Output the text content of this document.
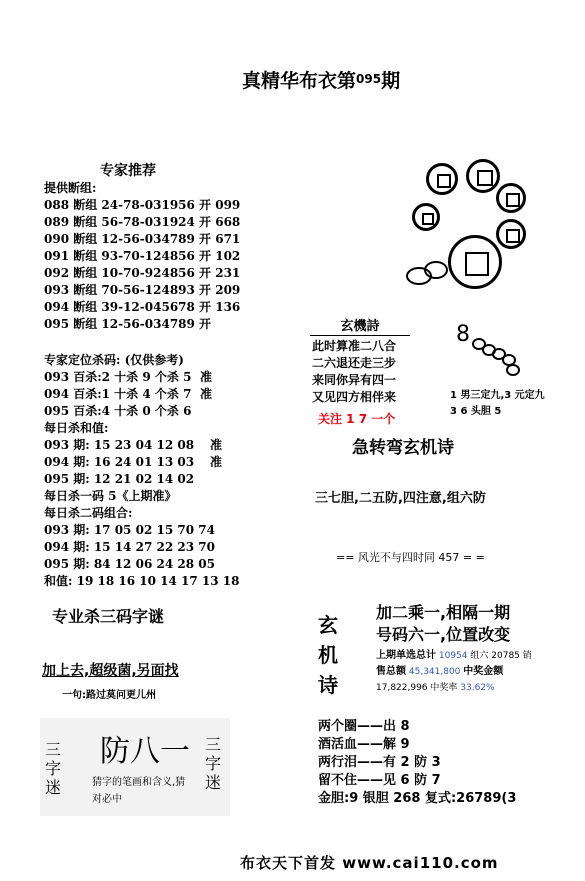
真精华布衣第$^{095}$期
专家推荐
提供断组:
088 断组 24-78-031956 开 099
089 断组 56-78-031924 开 668
090 断组 12-56-034789 开 671
091 断组 93-70-124856 开 102
092 断组 10-70-924856 开 231
093 断组 70-56-124893 开 209
094 断组 39-12-045678 开 136
095 断组 12-56-034789 开
专家定位杀码: (仅供参考)
093 百杀:2 十杀 9 个杀 5 准
094 百杀:1 十杀 4 个杀 7 准
095 百杀:4 十杀 0 个杀 6
每日杀和值:
093 期: 15 23 04 12 08 准
094 期: 16 24 01 13 03 准
095 期: 12 21 02 14 02
每日杀一码 5《上期准》
每日杀二码组合:
093 期: 17 05 02 15 70 74
094 期: 15 14 27 22 23 70
095 期: 84 12 06 24 28 05
和值: 19 18 16 10 14 17 13 18
玄機詩
此时算准二八合
二六退还走三步
来同你异有四一
又见四方相伴来
关注 1 7 一个
8
1 男三定九,3 元定九
3 6 头胆 5
急转弯玄机诗
三七胆,二五防,四注意,组六防
== 风光不与四时同 457 = =
专业杀三码字谜
加上去,超级菌,另面找
一句:路过莫问更儿州
玄
机
诗
加二乘一,相隔一期
号码六一,位置改变
上期单选总计 10954 组六 20785 销
售总额 45,341,800 中奖金额
17,822,996 中奖率 33.62%
三
字
迷
三
字
迷
防八一
猜字的笔画和含义,猜
对必中
两个圈——出 8
酒活血——解 9
两行泪——有 2 防 3
留不住——见 6 防 7
金胆:9 银胆 268 复式:26789(3
布衣天下首发 www.cai110.com
